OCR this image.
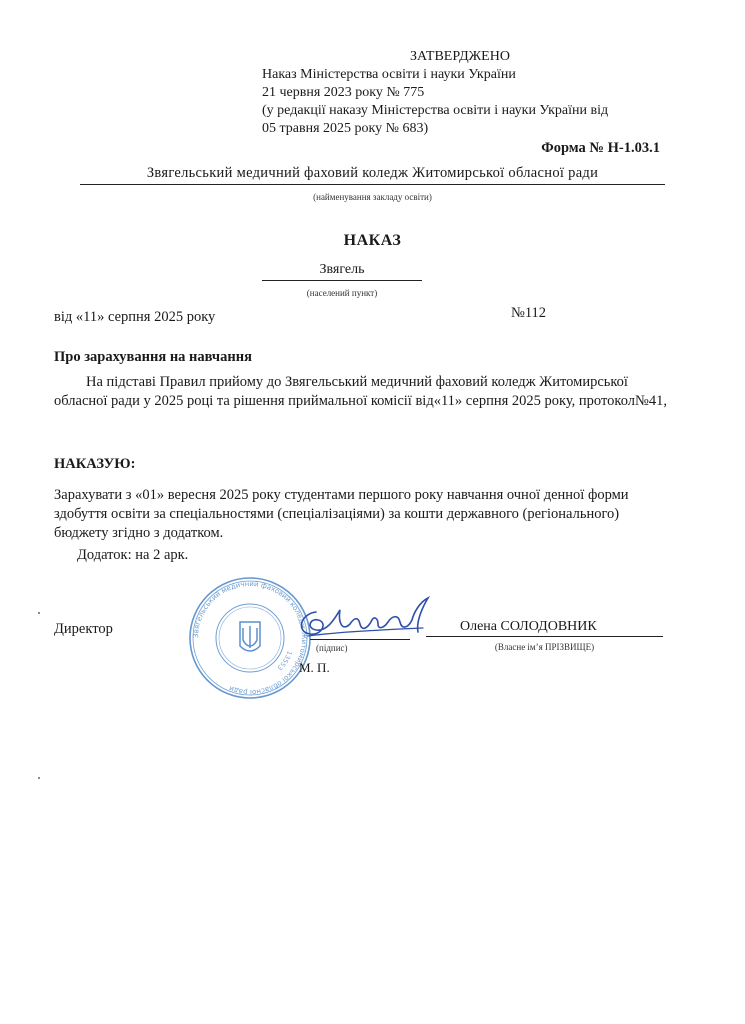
ЗАТВЕРДЖЕНО
Наказ Міністерства освіти і науки України
21 червня 2023 року № 775
(у редакції наказу Міністерства освіти і науки України від
05 травня 2025 року № 683)
Форма № Н-1.03.1
Звягельський медичний фаховий коледж Житомирської обласної ради
(найменування закладу освіти)
НАКАЗ
Звягель
(населений пункт)
від «11» серпня 2025 року	№112
Про зарахування на навчання
На підставі Правил прийому до Звягельський медичний фаховий коледж Житомирської обласної ради у 2025 році та рішення приймальної комісії від«11» серпня 2025 року, протокол№41,
НАКАЗУЮ:
Зарахувати з «01» вересня 2025 року студентами першого року навчання очної денної форми здобуття освіти за спеціальностями (спеціалізаціями) за кошти державного (регіонального) бюджету згідно з додатком.
Додаток: на 2 арк.
Звягельський медичний фаховий коледж Житомирської обласної ради
13553
Директор
(підпис)
Олена СОЛОДОВНИК
(Власне ім’я ПРІЗВИЩЕ)
М. П.
